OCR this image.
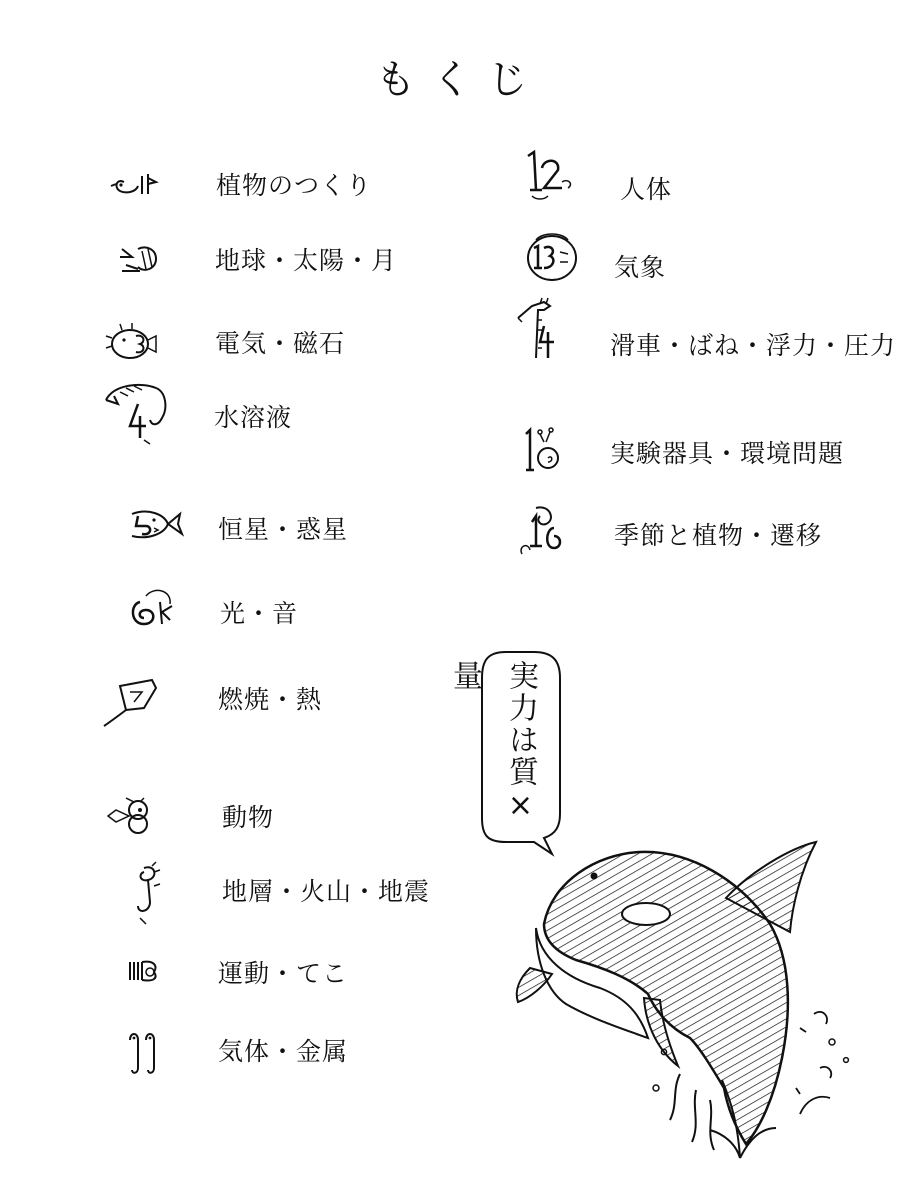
もくじ
植物のつくり
地球・太陽・月
電気・磁石
水溶液
恒星・惑星
光・音
燃焼・熱
動物
地層・火山・地震
運動・てこ
気体・金属
人体
気象
滑車・ばね・浮力・圧力
実験器具・環境問題
季節と植物・遷移
実力は質×量
